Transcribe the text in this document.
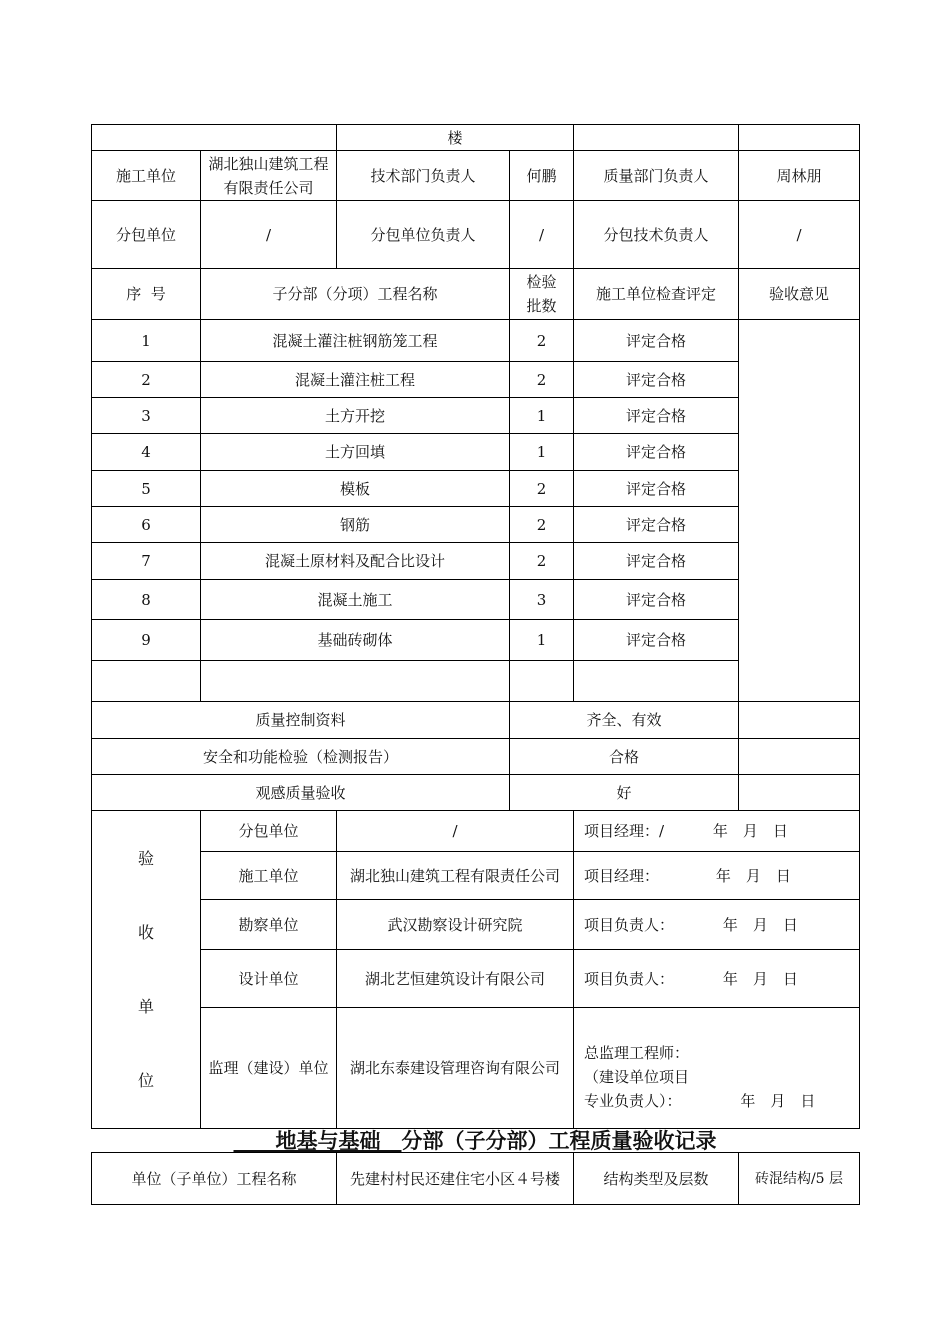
		楼			
施工单位	湖北独山建筑工程有限责任公司	技术部门负责人	何鹏	质量部门负责人	周林朋
分包单位	/	分包单位负责人	/	分包技术负责人	/
序  号	子分部（分项）工程名称		检验批数	施工单位检查评定	验收意见
1	混凝土灌注桩钢筋笼工程		2	评定合格	
2	混凝土灌注桩工程		2	评定合格	
3	土方开挖		1	评定合格	
4	土方回填		1	评定合格	
5	模板		2	评定合格	
6	钢筋		2	评定合格	
7	混凝土原材料及配合比设计		2	评定合格	
8	混凝土施工		3	评定合格	
9	基础砖砌体		1	评定合格	

质量控制资料			齐全、有效		
安全和功能检验（检测报告）			合格		
观感质量验收			好		

验
收
单
位	分包单位	/		项目经理：/ 年　月　日	
	施工单位	湖北独山建筑工程有限责任公司		项目经理： 年　月　日	
	勘察单位	武汉勘察设计研究院		项目负责人： 年　月　日	
	设计单位	湖北艺恒建筑设计有限公司		项目负责人： 年　月　日	
	监理（建设）单位	湖北东泰建设管理咨询有限公司		总监理工程师：
（建设单位项目
专业负责人）： 年　月　日	
　　地基与基础　 分部（子分部）工程质量验收记录
单位（子单位）工程名称	先建村村民还建住宅小区４号楼	结构类型及层数	砖混结构/5 层
